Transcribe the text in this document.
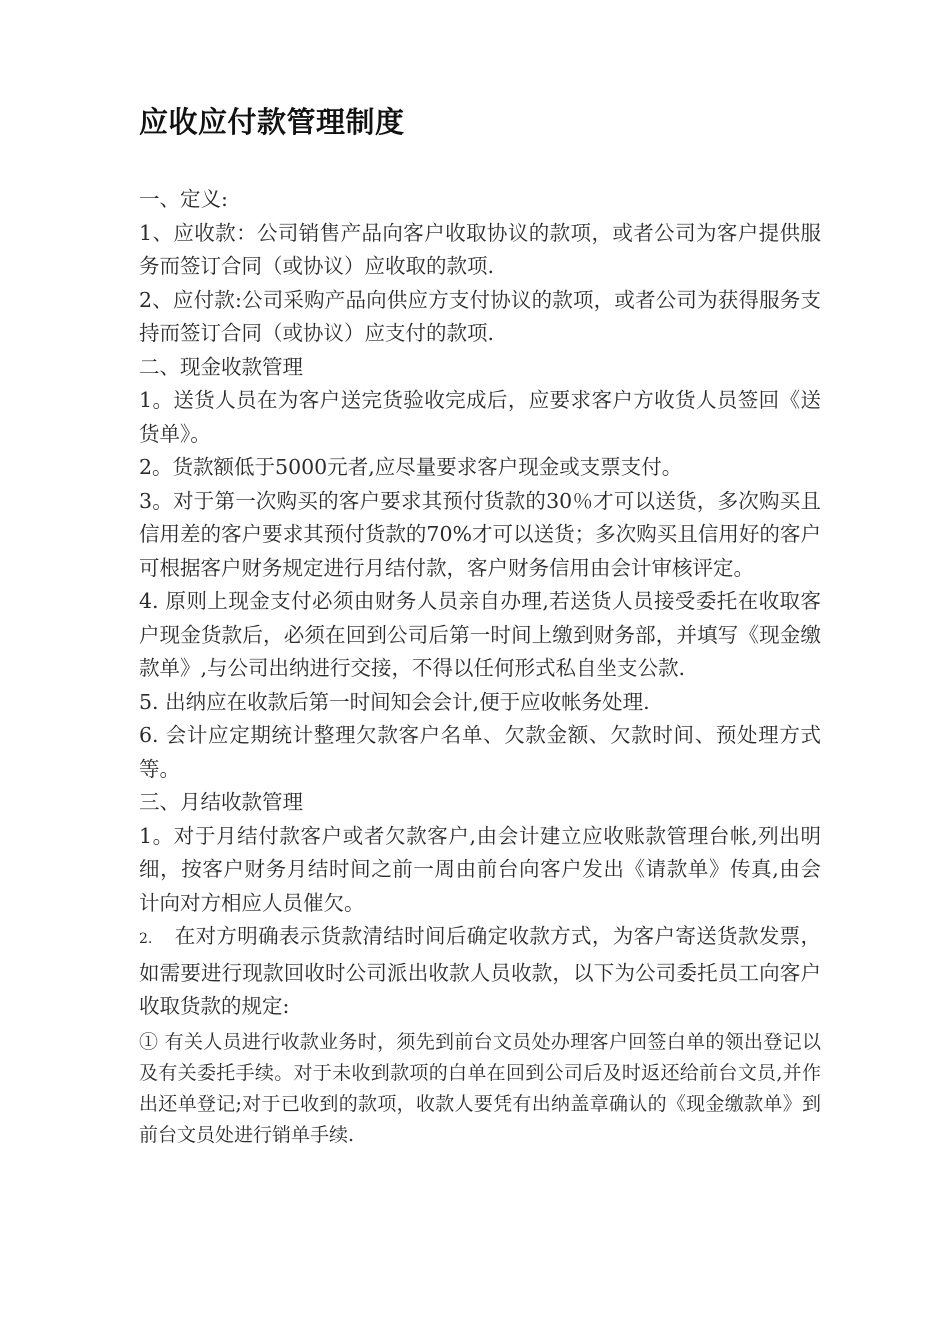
应收应付款管理制度

一、定义:

1、应收款：公司销售产品向客户收取协议的款项，或者公司为客户提供服务而签订合同（或协议）应收取的款项.

2、应付款:公司采购产品向供应方支付协议的款项，或者公司为获得服务支持而签订合同（或协议）应支付的款项.

二、现金收款管理

1。送货人员在为客户送完货验收完成后，应要求客户方收货人员签回《送货单》。

2。货款额低于5000元者,应尽量要求客户现金或支票支付。

3。对于第一次购买的客户要求其预付货款的30％才可以送货，多次购买且信用差的客户要求其预付货款的70%才可以送货；多次购买且信用好的客户可根据客户财务规定进行月结付款，客户财务信用由会计审核评定。

4. 原则上现金支付必须由财务人员亲自办理,若送货人员接受委托在收取客户现金货款后，必须在回到公司后第一时间上缴到财务部，并填写《现金缴款单》,与公司出纳进行交接，不得以任何形式私自坐支公款.

5. 出纳应在收款后第一时间知会会计,便于应收帐务处理.

6. 会计应定期统计整理欠款客户名单、欠款金额、欠款时间、预处理方式等。

三、月结收款管理

1。对于月结付款客户或者欠款客户,由会计建立应收账款管理台帐,列出明细，按客户财务月结时间之前一周由前台向客户发出《请款单》传真,由会计向对方相应人员催欠。

2. 在对方明确表示货款清结时间后确定收款方式，为客户寄送货款发票，如需要进行现款回收时公司派出收款人员收款，以下为公司委托员工向客户收取货款的规定:

① 有关人员进行收款业务时，须先到前台文员处办理客户回签白单的领出登记以及有关委托手续。对于未收到款项的白单在回到公司后及时返还给前台文员,并作出还单登记;对于已收到的款项，收款人要凭有出纳盖章确认的《现金缴款单》到前台文员处进行销单手续.
